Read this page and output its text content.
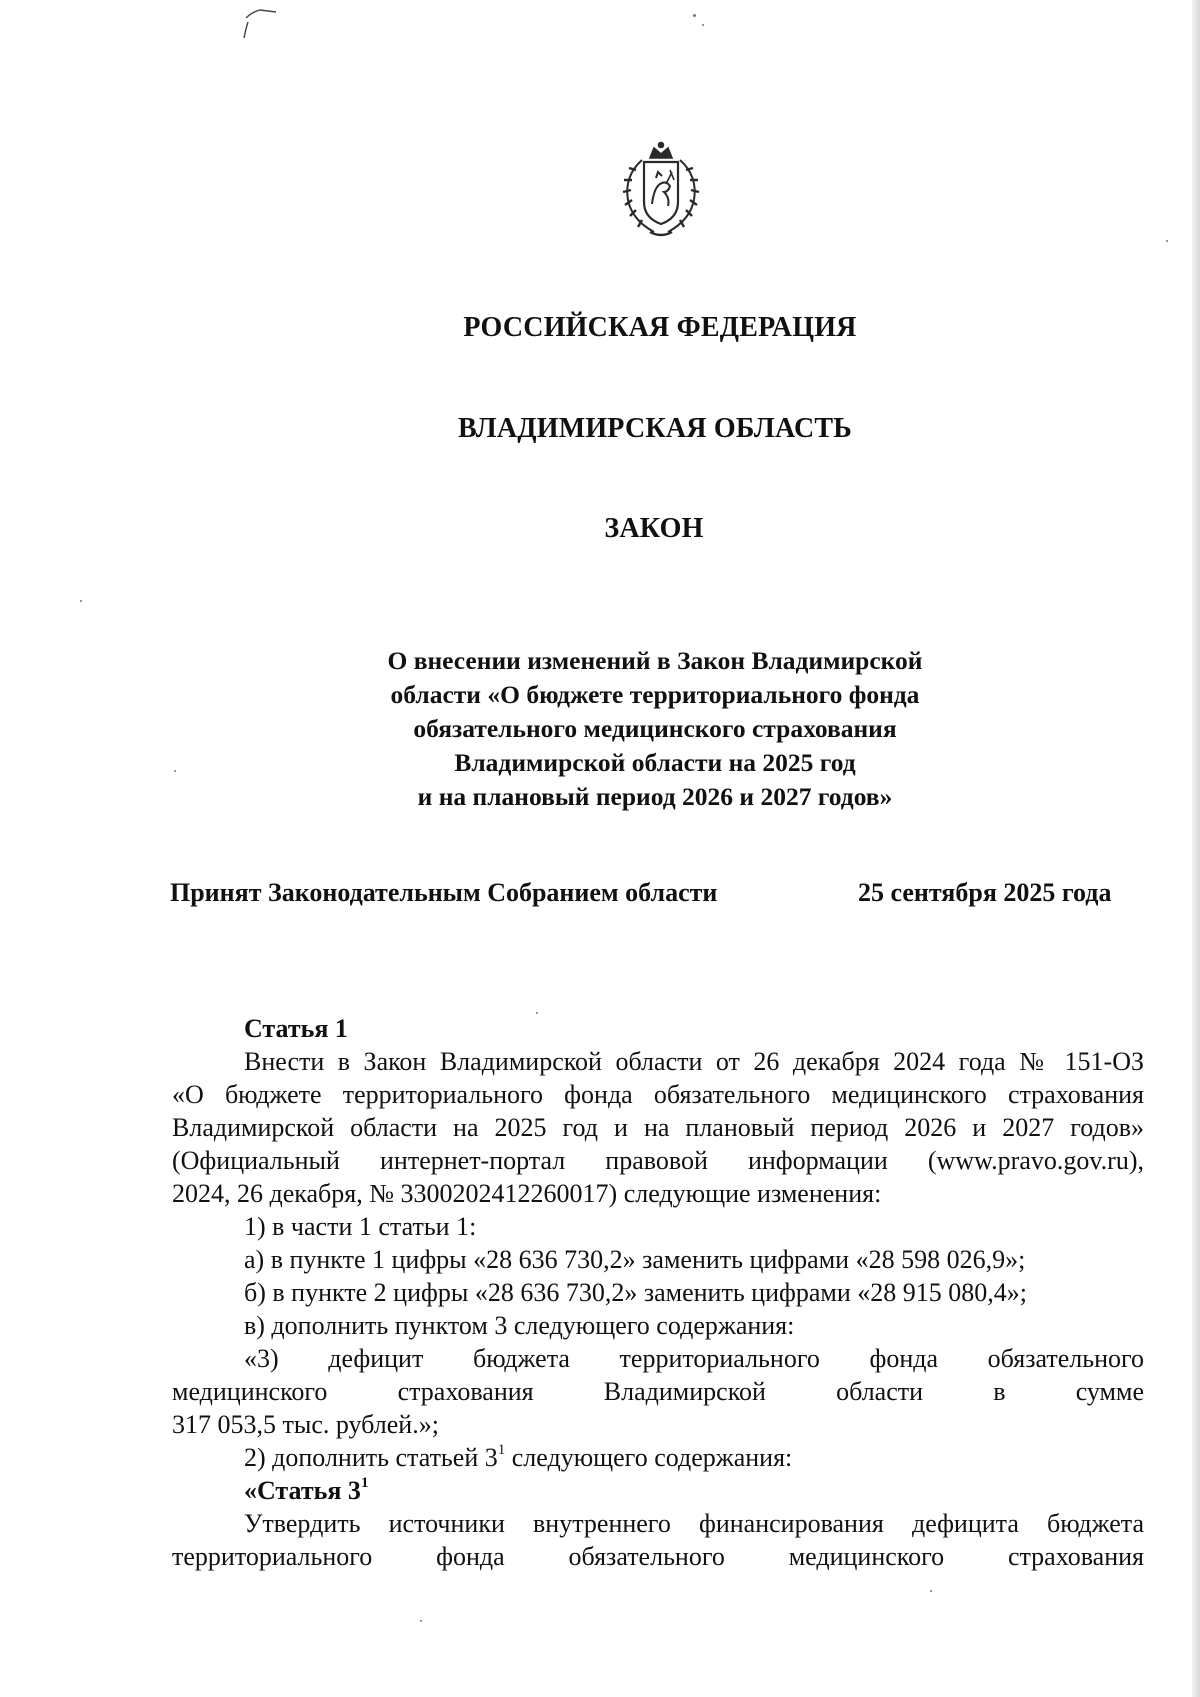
РОССИЙСКАЯ ФЕДЕРАЦИЯ
ВЛАДИМИРСКАЯ ОБЛАСТЬ
ЗАКОН
О внесении изменений в Закон Владимирской
области «О бюджете территориального фонда
обязательного медицинского страхования
Владимирской области на 2025 год
и на плановый период 2026 и 2027 годов»
Принят Законодательным Собранием области	25 сентября 2025 года

Статья 1

Внести в Закон Владимирской области от 26 декабря 2024 года № 151-ОЗ

«О бюджете территориального фонда обязательного медицинского страхования

Владимирской области на 2025 год и на плановый период 2026 и 2027 годов»

(Официальный интернет-портал правовой информации (www.pravo.gov.ru),

2024, 26 декабря, № 3300202412260017) следующие изменения:

1) в части 1 статьи 1:

а) в пункте 1 цифры «28 636 730,2» заменить цифрами «28 598 026,9»;

б) в пункте 2 цифры «28 636 730,2» заменить цифрами «28 915 080,4»;

в) дополнить пунктом 3 следующего содержания:

«3) дефицит бюджета территориального фонда обязательного

медицинского страхования Владимирской области в сумме

317 053,5 тыс. рублей.»;

2) дополнить статьей $3^1$ следующего содержания:

«Статья $3^1$

Утвердить источники внутреннего финансирования дефицита бюджета

территориального фонда обязательного медицинского страхования
